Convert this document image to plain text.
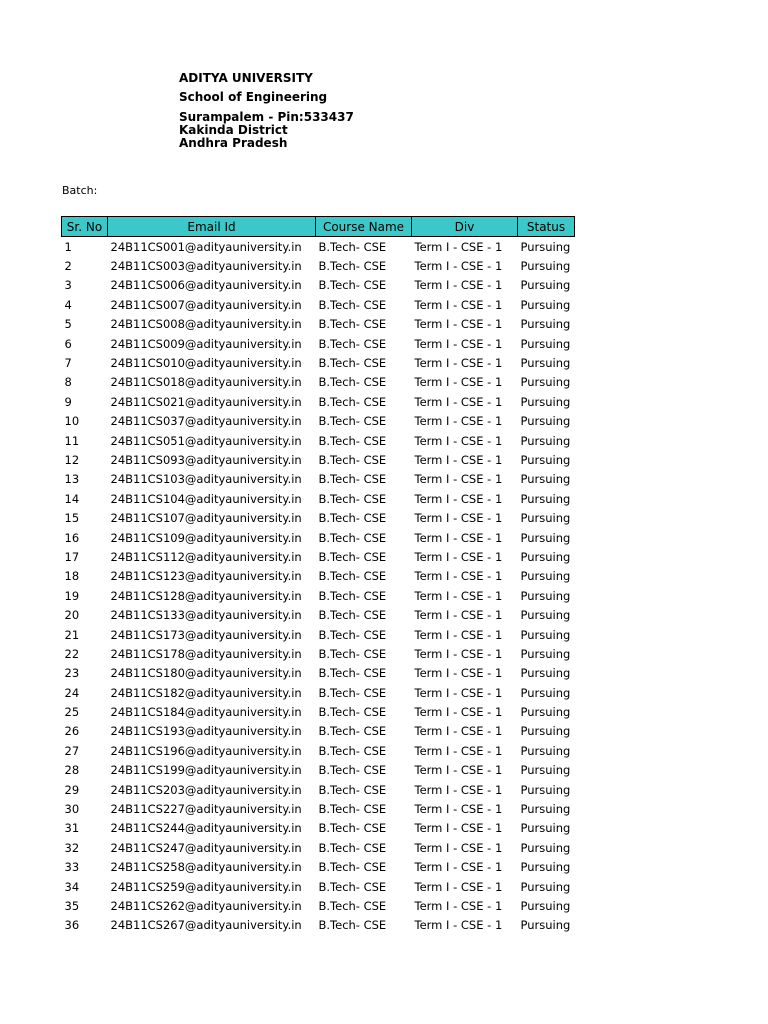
ADITYA UNIVERSITY
School of Engineering
Surampalem - Pin:533437
Kakinda District
Andhra Pradesh
Batch:
Sr. No	Email Id	Course Name	Div	Status
1	24B11CS001@adityauniversity.in	B.Tech- CSE	Term I - CSE - 1	Pursuing
2	24B11CS003@adityauniversity.in	B.Tech- CSE	Term I - CSE - 1	Pursuing
3	24B11CS006@adityauniversity.in	B.Tech- CSE	Term I - CSE - 1	Pursuing
4	24B11CS007@adityauniversity.in	B.Tech- CSE	Term I - CSE - 1	Pursuing
5	24B11CS008@adityauniversity.in	B.Tech- CSE	Term I - CSE - 1	Pursuing
6	24B11CS009@adityauniversity.in	B.Tech- CSE	Term I - CSE - 1	Pursuing
7	24B11CS010@adityauniversity.in	B.Tech- CSE	Term I - CSE - 1	Pursuing
8	24B11CS018@adityauniversity.in	B.Tech- CSE	Term I - CSE - 1	Pursuing
9	24B11CS021@adityauniversity.in	B.Tech- CSE	Term I - CSE - 1	Pursuing
10	24B11CS037@adityauniversity.in	B.Tech- CSE	Term I - CSE - 1	Pursuing
11	24B11CS051@adityauniversity.in	B.Tech- CSE	Term I - CSE - 1	Pursuing
12	24B11CS093@adityauniversity.in	B.Tech- CSE	Term I - CSE - 1	Pursuing
13	24B11CS103@adityauniversity.in	B.Tech- CSE	Term I - CSE - 1	Pursuing
14	24B11CS104@adityauniversity.in	B.Tech- CSE	Term I - CSE - 1	Pursuing
15	24B11CS107@adityauniversity.in	B.Tech- CSE	Term I - CSE - 1	Pursuing
16	24B11CS109@adityauniversity.in	B.Tech- CSE	Term I - CSE - 1	Pursuing
17	24B11CS112@adityauniversity.in	B.Tech- CSE	Term I - CSE - 1	Pursuing
18	24B11CS123@adityauniversity.in	B.Tech- CSE	Term I - CSE - 1	Pursuing
19	24B11CS128@adityauniversity.in	B.Tech- CSE	Term I - CSE - 1	Pursuing
20	24B11CS133@adityauniversity.in	B.Tech- CSE	Term I - CSE - 1	Pursuing
21	24B11CS173@adityauniversity.in	B.Tech- CSE	Term I - CSE - 1	Pursuing
22	24B11CS178@adityauniversity.in	B.Tech- CSE	Term I - CSE - 1	Pursuing
23	24B11CS180@adityauniversity.in	B.Tech- CSE	Term I - CSE - 1	Pursuing
24	24B11CS182@adityauniversity.in	B.Tech- CSE	Term I - CSE - 1	Pursuing
25	24B11CS184@adityauniversity.in	B.Tech- CSE	Term I - CSE - 1	Pursuing
26	24B11CS193@adityauniversity.in	B.Tech- CSE	Term I - CSE - 1	Pursuing
27	24B11CS196@adityauniversity.in	B.Tech- CSE	Term I - CSE - 1	Pursuing
28	24B11CS199@adityauniversity.in	B.Tech- CSE	Term I - CSE - 1	Pursuing
29	24B11CS203@adityauniversity.in	B.Tech- CSE	Term I - CSE - 1	Pursuing
30	24B11CS227@adityauniversity.in	B.Tech- CSE	Term I - CSE - 1	Pursuing
31	24B11CS244@adityauniversity.in	B.Tech- CSE	Term I - CSE - 1	Pursuing
32	24B11CS247@adityauniversity.in	B.Tech- CSE	Term I - CSE - 1	Pursuing
33	24B11CS258@adityauniversity.in	B.Tech- CSE	Term I - CSE - 1	Pursuing
34	24B11CS259@adityauniversity.in	B.Tech- CSE	Term I - CSE - 1	Pursuing
35	24B11CS262@adityauniversity.in	B.Tech- CSE	Term I - CSE - 1	Pursuing
36	24B11CS267@adityauniversity.in	B.Tech- CSE	Term I - CSE - 1	Pursuing
